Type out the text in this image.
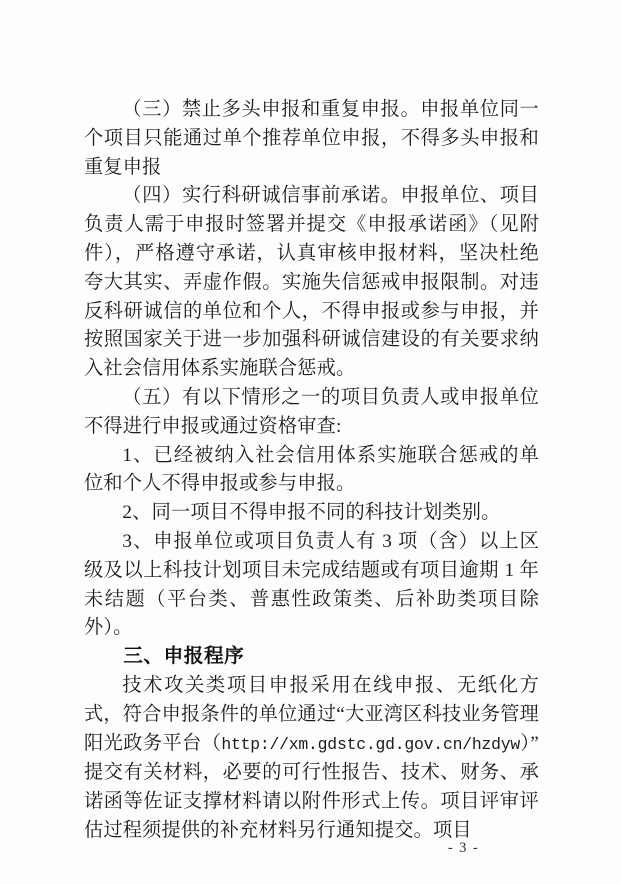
（三）禁止多头申报和重复申报。申报单位同一个项目只能通过单个推荐单位申报，不得多头申报和重复申报

（四）实行科研诚信事前承诺。申报单位、项目负责人需于申报时签署并提交《申报承诺函》（见附件），严格遵守承诺，认真审核申报材料，坚决杜绝夸大其实、弄虚作假。实施失信惩戒申报限制。对违反科研诚信的单位和个人，不得申报或参与申报，并按照国家关于进一步加强科研诚信建设的有关要求纳入社会信用体系实施联合惩戒。

（五）有以下情形之一的项目负责人或申报单位不得进行申报或通过资格审查:

1、已经被纳入社会信用体系实施联合惩戒的单位和个人不得申报或参与申报。

2、同一项目不得申报不同的科技计划类别。

3、申报单位或项目负责人有 3 项（含）以上区级及以上科技计划项目未完成结题或有项目逾期 1 年未结题（平台类、普惠性政策类、后补助类项目除外）。

三、申报程序

技术攻关类项目申报采用在线申报、无纸化方式，符合申报条件的单位通过“大亚湾区科技业务管理阳光政务平台（http://xm.gdstc.gd.gov.cn/hzdyw）”提交有关材料，必要的可行性报告、技术、财务、承诺函等佐证支撑材料请以附件形式上传。项目评审评估过程须提供的补充材料另行通知提交。项目

- 3 -
